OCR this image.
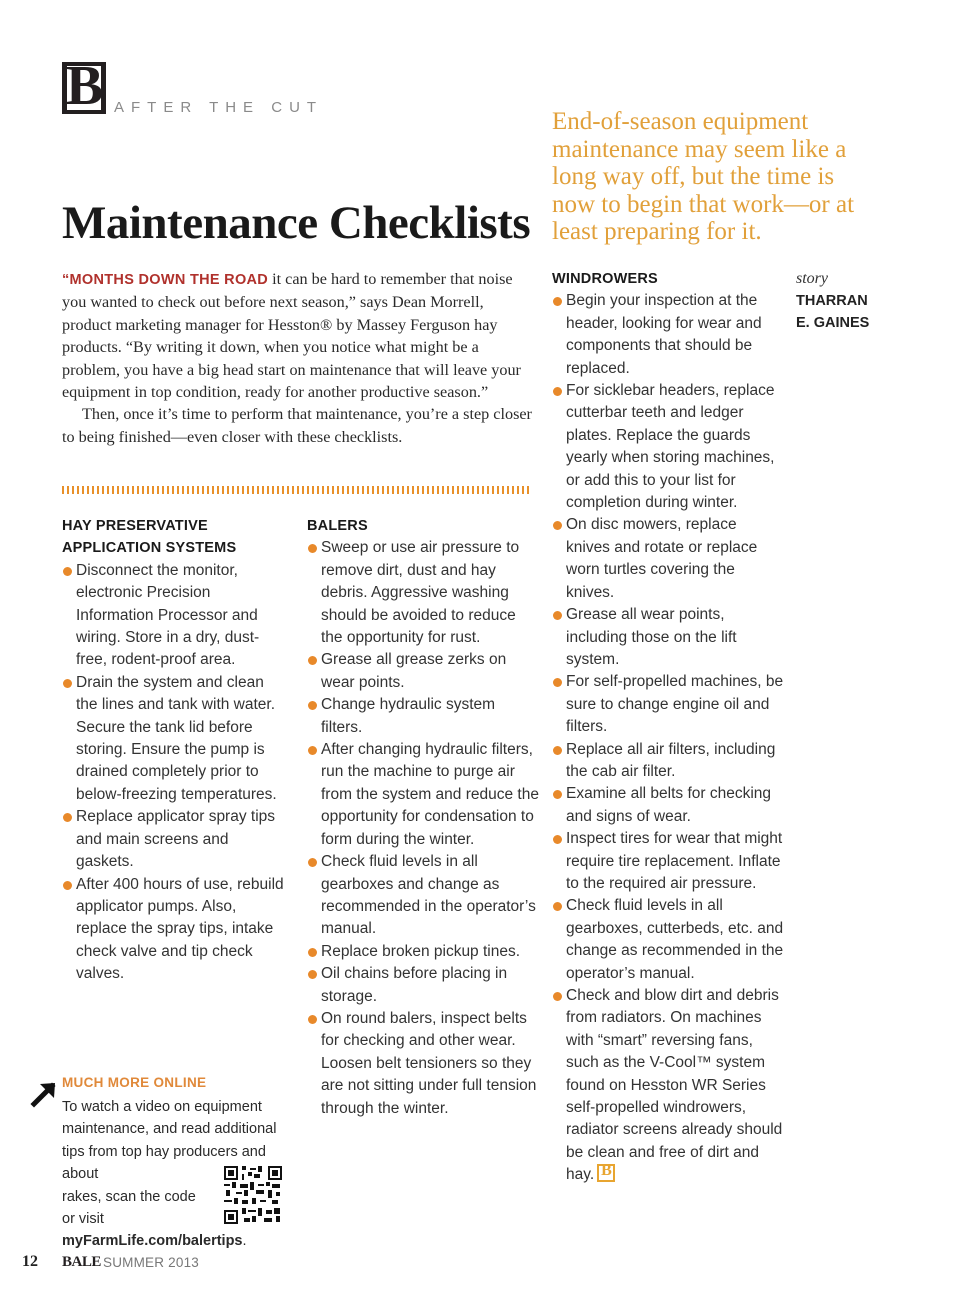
B AFTER THE CUT
Maintenance Checklists
End-of-season equipment maintenance may seem like a long way off, but the time is now to begin that work—or at least preparing for it.

“MONTHS DOWN THE ROAD it can be hard to remember that noise you wanted to check out before next season,” says Dean Morrell, product marketing manager for Hesston® by Massey Ferguson hay products. “By writing it down, when you notice what might be a problem, you have a big head start on maintenance that will leave your equipment in top condition, ready for another productive season.”

Then, once it’s time to perform that maintenance, you’re a step closer to being finished—even closer with these checklists.

HAY PRESERVATIVE
APPLICATION SYSTEMS
Disconnect the monitor, electronic Precision Information Processor and wiring. Store in a dry, dust-free, rodent-proof area.
Drain the system and clean the lines and tank with water. Secure the tank lid before storing. Ensure the pump is drained completely prior to below-freezing temperatures.
Replace applicator spray tips and main screens and gaskets.
After 400 hours of use, rebuild applicator pumps. Also, replace the spray tips, intake check valve and tip check valves.
BALERS
Sweep or use air pressure to remove dirt, dust and hay debris. Aggressive washing should be avoided to reduce the opportunity for rust.
Grease all grease zerks on wear points.
Change hydraulic system filters.
After changing hydraulic filters, run the machine to purge air from the system and reduce the opportunity for condensation to form during the winter.
Check fluid levels in all gearboxes and change as recommended in the operator’s manual.
Replace broken pickup tines.
Oil chains before placing in storage.
On round balers, inspect belts for checking and other wear. Loosen belt tensioners so they are not sitting under full tension through the winter.
WINDROWERS
Begin your inspection at the header, looking for wear and components that should be replaced.
For sicklebar headers, replace cutterbar teeth and ledger plates. Replace the guards yearly when storing machines, or add this to your list for completion during winter.
On disc mowers, replace knives and rotate or replace worn turtles covering the knives.
Grease all wear points, including those on the lift system.
For self-propelled machines, be sure to change engine oil and filters.
Replace all air filters, including the cab air filter.
Examine all belts for checking and signs of wear.
Inspect tires for wear that might require tire replacement. Inflate to the required air pressure.
Check fluid levels in all gearboxes, cutterbeds, etc. and change as recommended in the operator’s manual.
Check and blow dirt and debris from radiators. On machines with “smart” reversing fans, such as the V-Cool™ system found on Hesston WR Series self-propelled windrowers, radiator screens already should be clean and free of dirt and hay. B
story
THARRAN E. GAINES
MUCH MORE ONLINE
To watch a video on equipment maintenance, and read additional tips from top hay producers and about
rakes, scan the code or visit myFarmLife.com/balertips.
12 BALE SUMMER 2013
